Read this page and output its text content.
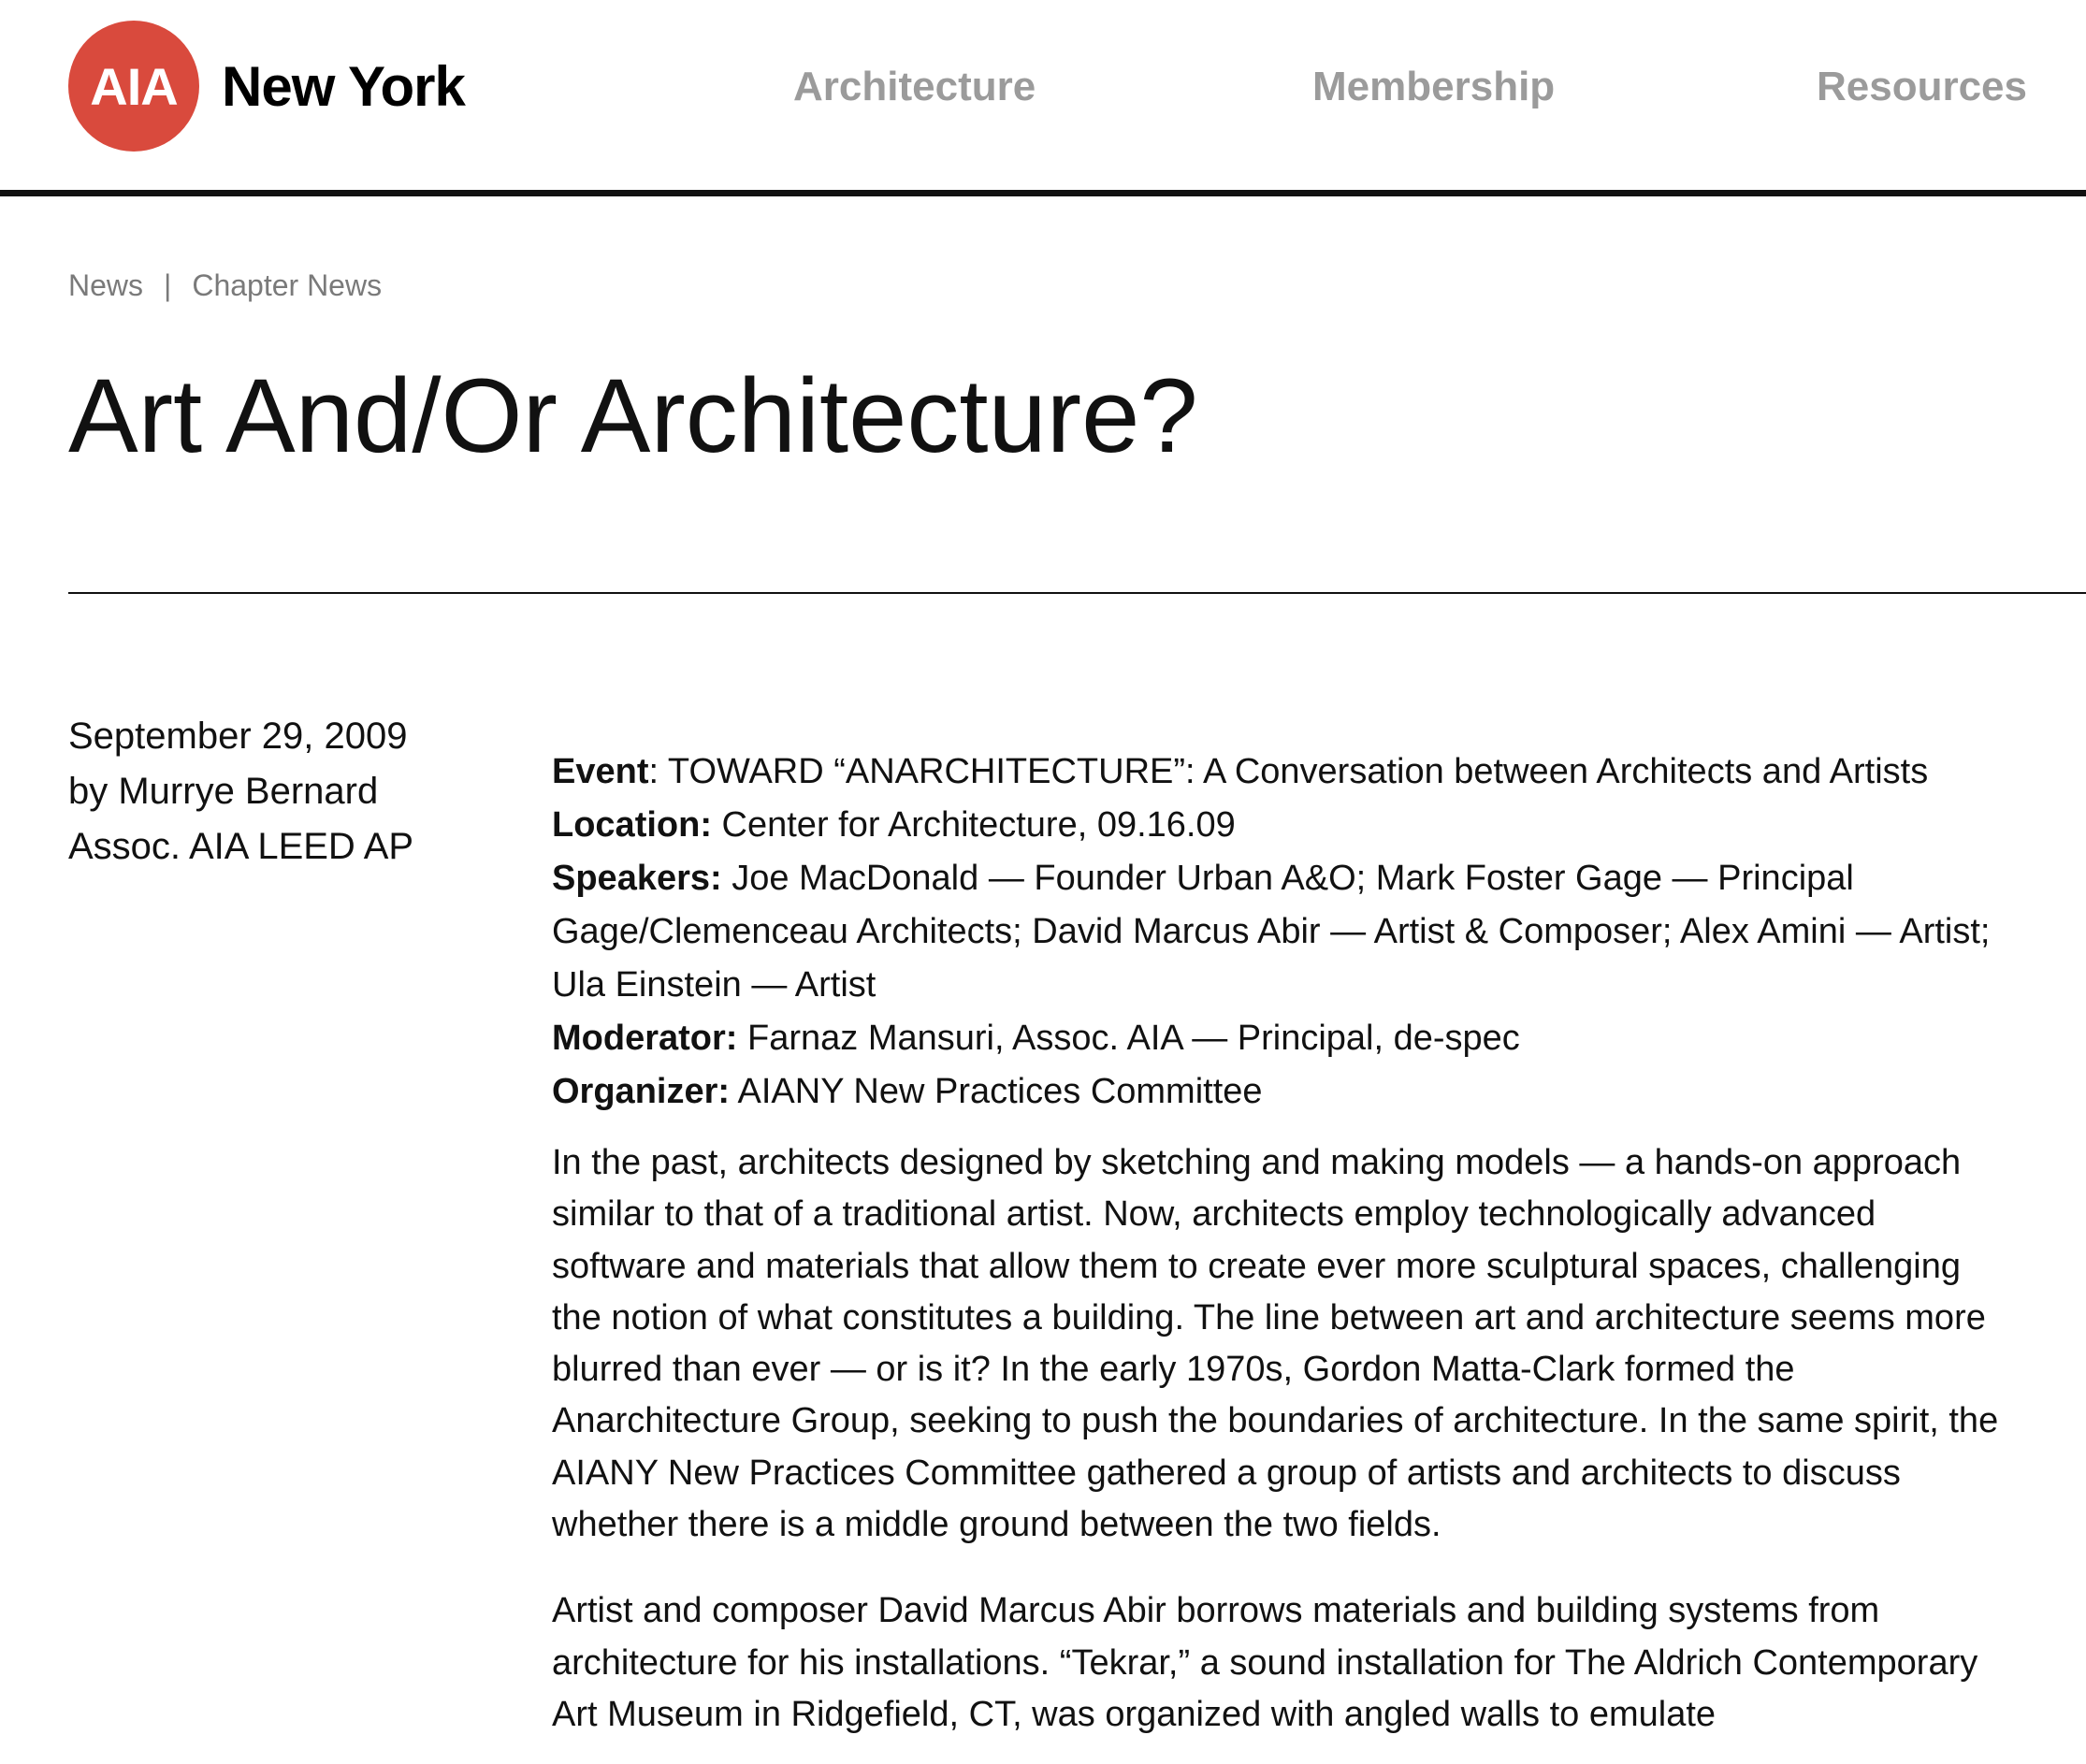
AIA New York	Architecture	Membership	Resources
News | Chapter News
Art And/Or Architecture?
September 29, 2009
by Murrye Bernard
Assoc. AIA LEED AP

Event: TOWARD “ANARCHITECTURE”: A Conversation between Architects and Artists

Location: Center for Architecture, 09.16.09

Speakers: Joe MacDonald — Founder Urban A&O; Mark Foster Gage — Principal Gage/Clemenceau Architects; David Marcus Abir — Artist & Composer; Alex Amini — Artist; Ula Einstein — Artist

Moderator: Farnaz Mansuri, Assoc. AIA — Principal, de-spec

Organizer: AIANY New Practices Committee

In the past, architects designed by sketching and making models — a hands-on approach similar to that of a traditional artist. Now, architects employ technologically advanced software and materials that allow them to create ever more sculptural spaces, challenging the notion of what constitutes a building. The line between art and architecture seems more blurred than ever — or is it? In the early 1970s, Gordon Matta-Clark formed the Anarchitecture Group, seeking to push the boundaries of architecture. In the same spirit, the AIANY New Practices Committee gathered a group of artists and architects to discuss whether there is a middle ground between the two fields.

Artist and composer David Marcus Abir borrows materials and building systems from architecture for his installations. “Tekrar,” a sound installation for The Aldrich Contemporary Art Museum in Ridgefield, CT, was organized with angled walls to emulate
